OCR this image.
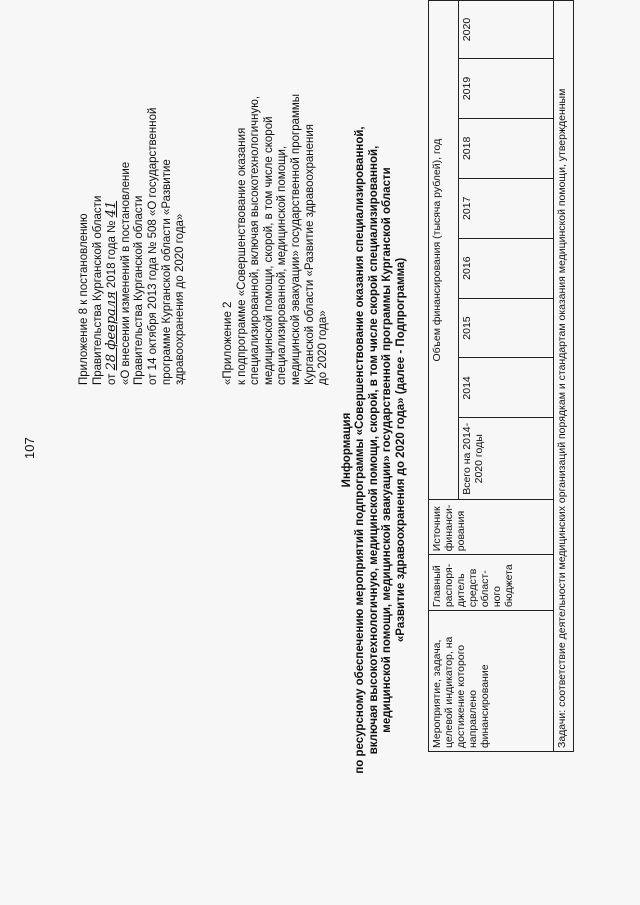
107
Приложение 8 к постановлению Правительства Курганской области от 28 февраля 2018 года № 41 «О внесении изменений в постановление Правительства Курганской области от 14 октября 2013 года № 508 «О государственной программе Курганской области «Развитие здравоохранения до 2020 года»	«Приложение 2 к подпрограмме «Совершенствование оказания специализированной, включая высокотехнологичную, медицинской помощи, скорой, в том числе скорой специализированной, медицинской помощи, медицинской эвакуации» государственной программы Курганской области «Развитие здравоохранения до 2020 года»
Информация по ресурсному обеспечению мероприятий подпрограммы «Совершенствование оказания специализированной, включая высокотехнологичную, медицинской помощи, скорой, в том числе скорой специализированной, медицинской помощи, медицинской эвакуации» государственной программы Курганской области «Развитие здравоохранения до 2020 года» (далее - Подпрограмма)
Мероприятие, задача, целевой индикатор, на достижение которого направлено финансирование	Главный распоря-дитель средств област-ного бюджета	Источник финанси-рования	Объем финансирования (тысяча рублей), год							
			Всего на 2014-2020 годы	2014	2015	2016	2017	2018	2019	2020
Задачи: соответствие деятельности медицинских организаций порядкам и стандартам оказания медицинской помощи, утвержденным										
